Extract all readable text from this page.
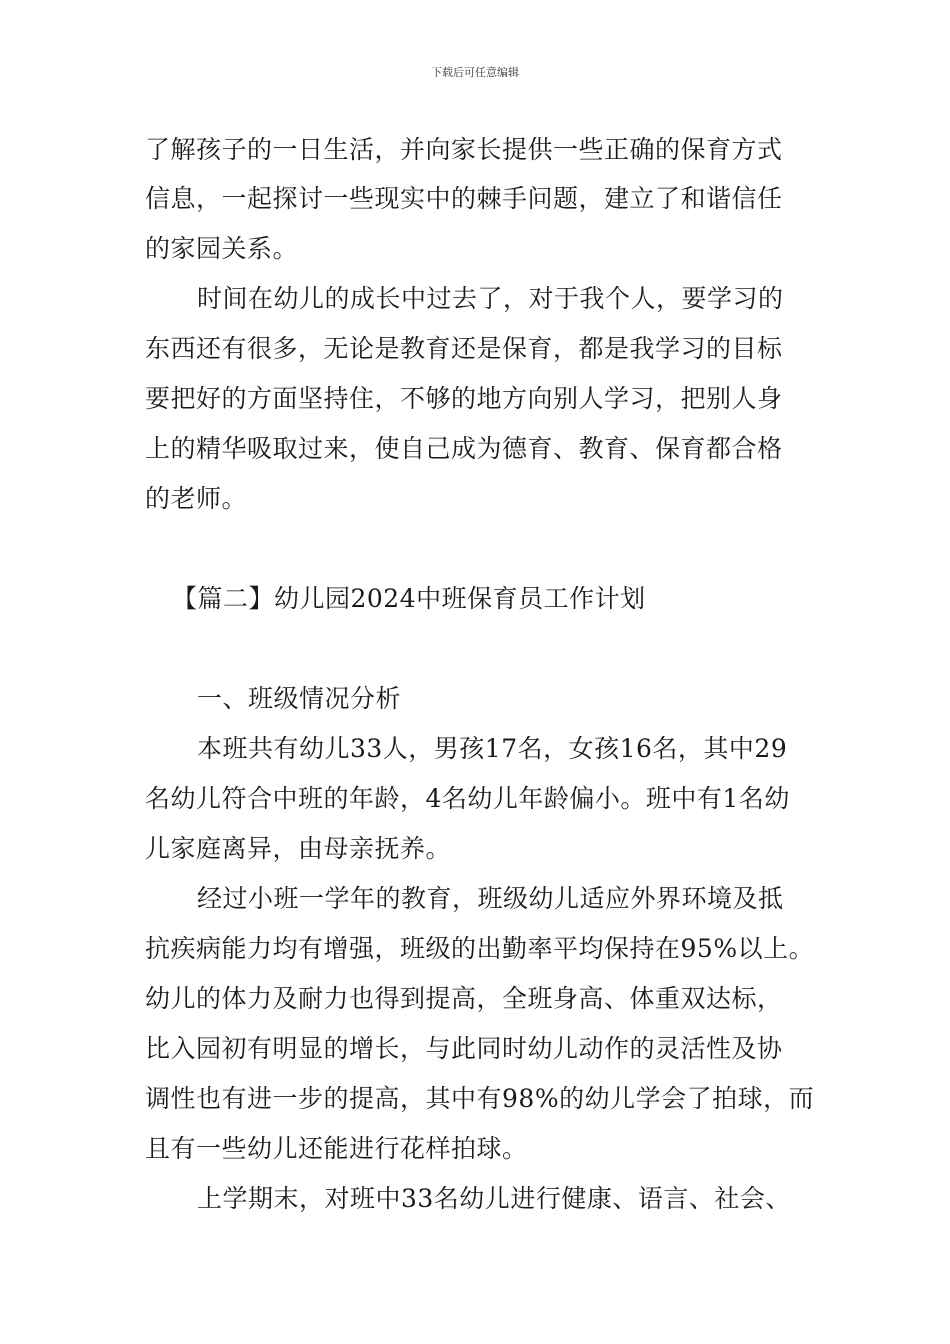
下载后可任意编辑
了解孩子的一日生活，并向家长提供一些正确的保育方式
信息，一起探讨一些现实中的棘手问题，建立了和谐信任
的家园关系。
时间在幼儿的成长中过去了，对于我个人，要学习的
东西还有很多，无论是教育还是保育，都是我学习的目标
要把好的方面坚持住，不够的地方向别人学习，把别人身
上的精华吸取过来，使自己成为德育、教育、保育都合格
的老师。
【篇二】幼儿园2024中班保育员工作计划
一、班级情况分析
本班共有幼儿33人，男孩17名，女孩16名，其中29
名幼儿符合中班的年龄，4名幼儿年龄偏小。班中有1名幼
儿家庭离异，由母亲抚养。
经过小班一学年的教育，班级幼儿适应外界环境及抵
抗疾病能力均有增强，班级的出勤率平均保持在95%以上。
幼儿的体力及耐力也得到提高，全班身高、体重双达标，
比入园初有明显的增长，与此同时幼儿动作的灵活性及协
调性也有进一步的提高，其中有98%的幼儿学会了拍球，而
且有一些幼儿还能进行花样拍球。
上学期末，对班中33名幼儿进行健康、语言、社会、
